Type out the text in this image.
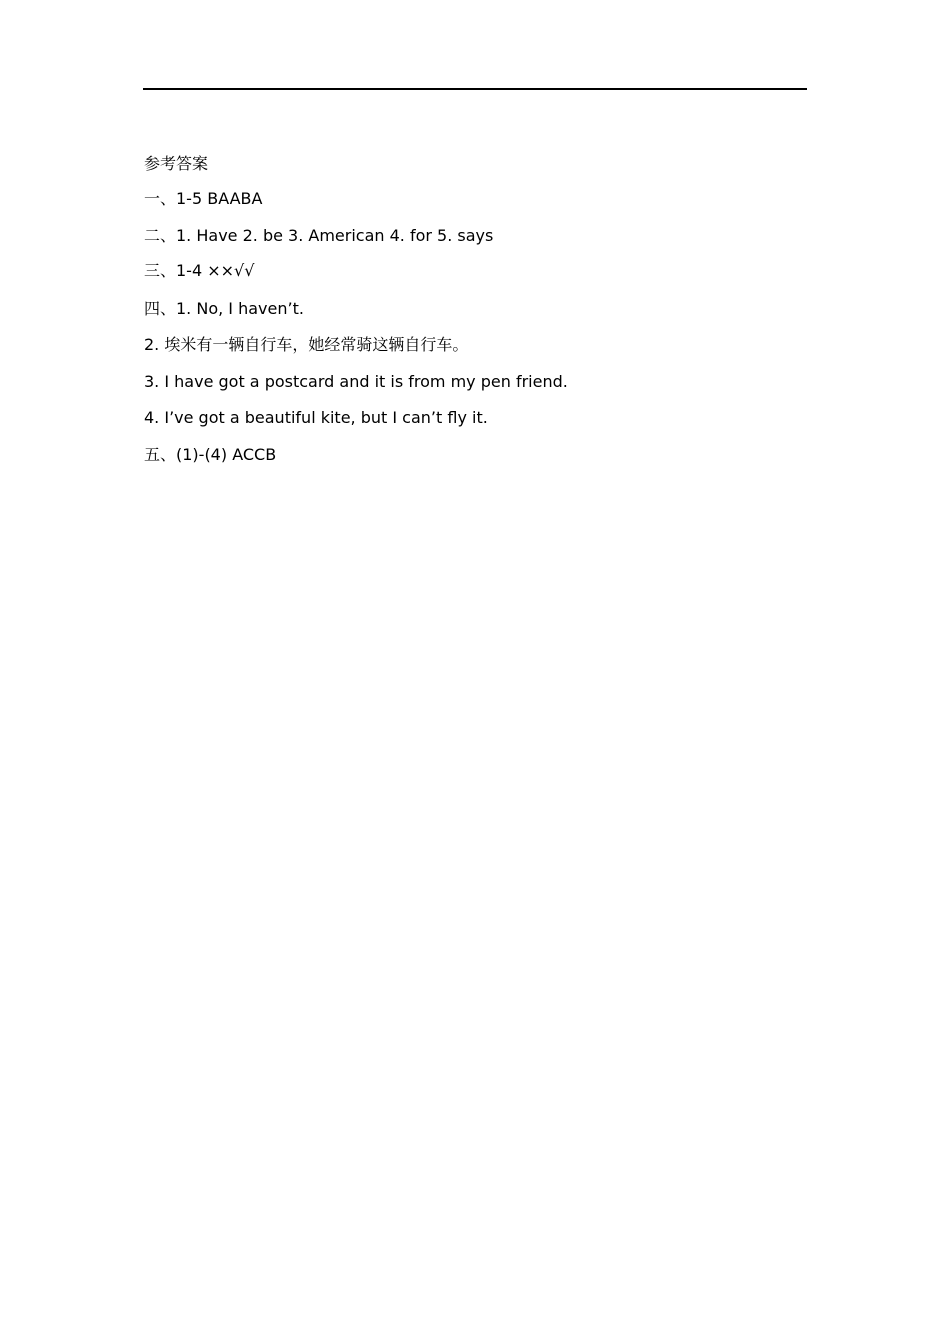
参考答案
一、1-5 BAABA
二、1. Have 2. be 3. American 4. for 5. says
三、1-4 ××√√
四、1. No, I haven’t.
2. 埃米有一辆自行车，她经常骑这辆自行车。
3. I have got a postcard and it is from my pen friend.
4. I’ve got a beautiful kite, but I can’t fly it.
五、(1)-(4) ACCB
